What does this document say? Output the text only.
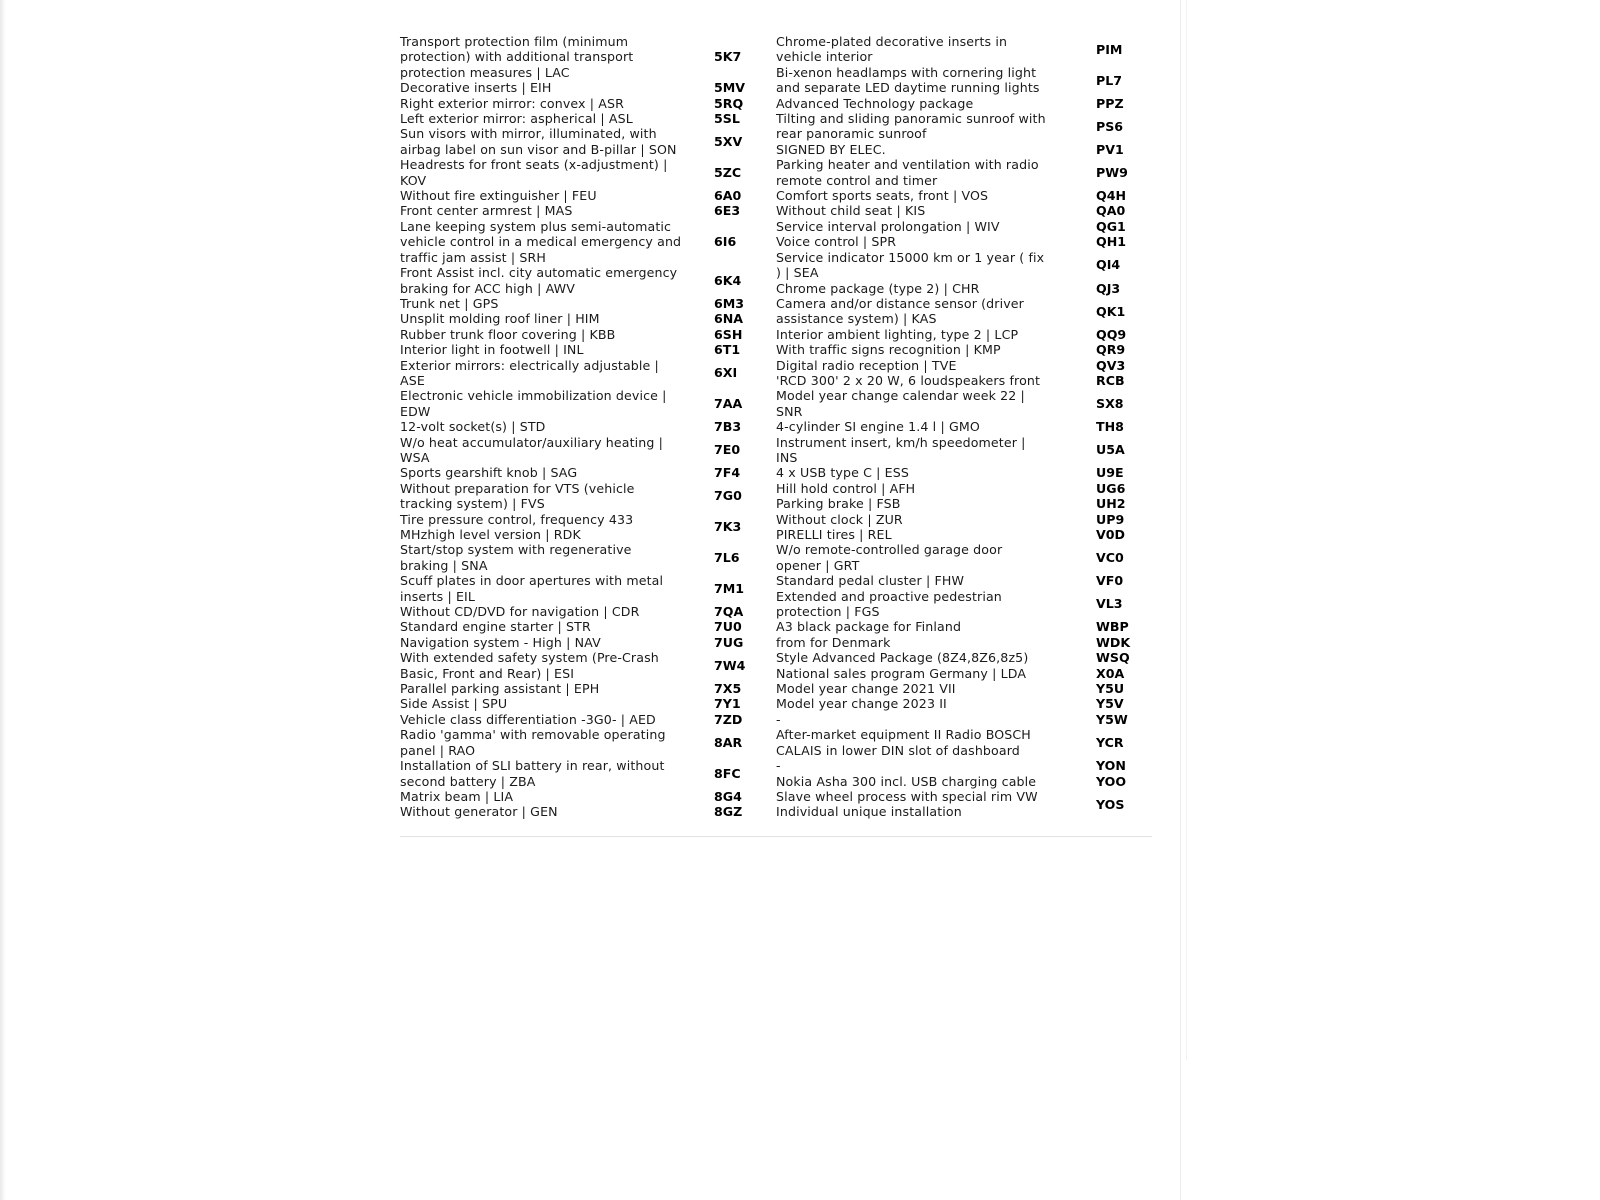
Transport protection film (minimum protection) with additional transport protection measures | LAC
5K7
Decorative inserts | EIH	5MV
Right exterior mirror: convex | ASR	5RQ
Left exterior mirror: aspherical | ASL	5SL
Sun visors with mirror, illuminated, with airbag label on sun visor and B-pillar | SON
5XV
Headrests for front seats (x-adjustment) | KOV
5ZC
Without fire extinguisher | FEU	6A0
Front center armrest | MAS	6E3
Lane keeping system plus semi-automatic vehicle control in a medical emergency and traffic jam assist | SRH
6I6
Front Assist incl. city automatic emergency braking for ACC high | AWV
6K4
Trunk net | GPS	6M3
Unsplit molding roof liner | HIM	6NA
Rubber trunk floor covering | KBB	6SH
Interior light in footwell | INL	6T1
Exterior mirrors: electrically adjustable | ASE
6XI
Electronic vehicle immobilization device | EDW
7AA
12-volt socket(s) | STD	7B3
W/o heat accumulator/auxiliary heating | WSA
7E0
Sports gearshift knob | SAG	7F4
Without preparation for VTS (vehicle tracking system) | FVS
7G0
Tire pressure control, frequency 433 MHzhigh level version | RDK
7K3
Start/stop system with regenerative braking | SNA
7L6
Scuff plates in door apertures with metal inserts | EIL
7M1
Without CD/DVD for navigation | CDR	7QA
Standard engine starter | STR	7U0
Navigation system - High | NAV	7UG
With extended safety system (Pre-Crash Basic, Front and Rear) | ESI
7W4
Parallel parking assistant | EPH	7X5
Side Assist | SPU	7Y1
Vehicle class differentiation -3G0- | AED	7ZD
Radio 'gamma' with removable operating panel | RAO
8AR
Installation of SLI battery in rear, without second battery | ZBA
8FC
Matrix beam | LIA	8G4
Without generator | GEN	8GZ
Chrome-plated decorative inserts in vehicle interior
PIM
Bi-xenon headlamps with cornering light and separate LED daytime running lights
PL7
Advanced Technology package	PPZ
Tilting and sliding panoramic sunroof with rear panoramic sunroof
PS6
SIGNED BY ELEC.	PV1
Parking heater and ventilation with radio remote control and timer
PW9
Comfort sports seats, front | VOS	Q4H
Without child seat | KIS	QA0
Service interval prolongation | WIV	QG1
Voice control | SPR	QH1
Service indicator 15000 km or 1 year ( fix ) | SEA
QI4
Chrome package (type 2) | CHR	QJ3
Camera and/or distance sensor (driver assistance system) | KAS
QK1
Interior ambient lighting, type 2 | LCP	QQ9
With traffic signs recognition | KMP	QR9
Digital radio reception | TVE	QV3
'RCD 300' 2 x 20 W, 6 loudspeakers front	RCB
Model year change calendar week 22 | SNR
SX8
4-cylinder SI engine 1.4 l | GMO	TH8
Instrument insert, km/h speedometer | INS
U5A
4 x USB type C | ESS	U9E
Hill hold control | AFH	UG6
Parking brake | FSB	UH2
Without clock | ZUR	UP9
PIRELLI tires | REL	V0D
W/o remote-controlled garage door opener | GRT
VC0
Standard pedal cluster | FHW	VF0
Extended and proactive pedestrian protection | FGS
VL3
A3 black package for Finland	WBP
from for Denmark	WDK
Style Advanced Package (8Z4,8Z6,8z5)	WSQ
National sales program Germany | LDA	X0A
Model year change 2021 VII	Y5U
Model year change 2023 II	Y5V
-	Y5W
After-market equipment II Radio BOSCH CALAIS in lower DIN slot of dashboard
YCR
-	YON
Nokia Asha 300 incl. USB charging cable	YOO
Slave wheel process with special rim VW Individual unique installation
YOS
